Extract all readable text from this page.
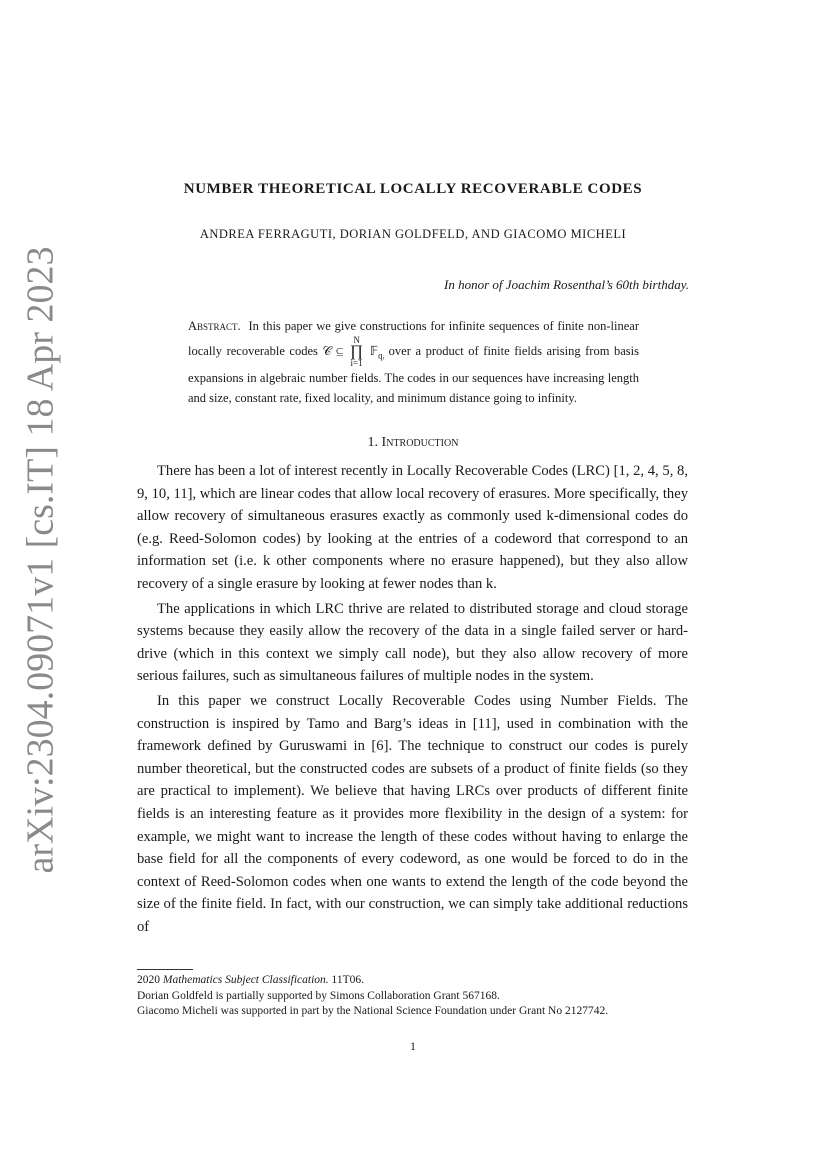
arXiv:2304.09071v1 [cs.IT] 18 Apr 2023
NUMBER THEORETICAL LOCALLY RECOVERABLE CODES
ANDREA FERRAGUTI, DORIAN GOLDFELD, AND GIACOMO MICHELI
In honor of Joachim Rosenthal’s 60th birthday.
Abstract. In this paper we give constructions for infinite sequences of finite non-linear locally recoverable codes 𝒞 ⊆
N
∏
i=1
𝔽$_{qᵢ}$ over a product of finite fields arising from basis expansions in algebraic number fields. The codes in our sequences have increasing length and size, constant rate, fixed locality, and minimum distance going to infinity.
1. Introduction

There has been a lot of interest recently in Locally Recoverable Codes (LRC) [1, 2, 4, 5, 8, 9, 10, 11], which are linear codes that allow local recovery of erasures. More specifically, they allow recovery of simultaneous erasures exactly as commonly used k-dimensional codes do (e.g. Reed-Solomon codes) by looking at the entries of a codeword that correspond to an information set (i.e. k other components where no erasure happened), but they also allow recovery of a single erasure by looking at fewer nodes than k.

The applications in which LRC thrive are related to distributed storage and cloud storage systems because they easily allow the recovery of the data in a single failed server or hard-drive (which in this context we simply call node), but they also allow recovery of more serious failures, such as simultaneous failures of multiple nodes in the system.

In this paper we construct Locally Recoverable Codes using Number Fields. The construction is inspired by Tamo and Barg’s ideas in [11], used in combination with the framework defined by Guruswami in [6]. The technique to construct our codes is purely number theoretical, but the constructed codes are subsets of a product of finite fields (so they are practical to implement). We believe that having LRCs over products of different finite fields is an interesting feature as it provides more flexibility in the design of a system: for example, we might want to increase the length of these codes without having to enlarge the base field for all the components of every codeword, as one would be forced to do in the context of Reed-Solomon codes when one wants to extend the length of the code beyond the size of the finite field. In fact, with our construction, we can simply take additional reductions of

2020 Mathematics Subject Classification. 11T06.
Dorian Goldfeld is partially supported by Simons Collaboration Grant 567168.
Giacomo Micheli was supported in part by the National Science Foundation under Grant No 2127742.
1
